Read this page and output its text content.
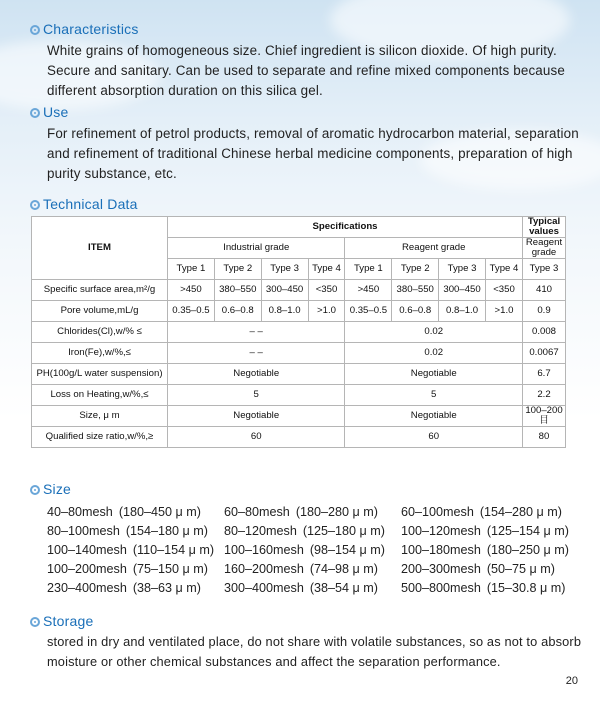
Characteristics
White grains of homogeneous size. Chief ingredient is silicon dioxide. Of high purity. Secure and sanitary. Can be used to separate and refine mixed components because different absorption duration on this silica gel.
Use
For refinement of petrol products, removal of aromatic hydrocarbon material, separation and refinement of traditional Chinese herbal medicine components, preparation of high purity substance, etc.
Technical Data
ITEM	Specifications								Typical values
	Industrial grade				Reagent grade				Reagent grade
	Type 1	Type 2	Type 3	Type 4	Type 1	Type 2	Type 3	Type 4	Type 3
Specific surface area,m²/g	>450	380–550	300–450	<350	>450	380–550	300–450	<350	410
Pore volume,mL/g	0.35–0.5	0.6–0.8	0.8–1.0	>1.0	0.35–0.5	0.6–0.8	0.8–1.0	>1.0	0.9
Chlorides(Cl),w/% ≤	– –				0.02				0.008
Iron(Fe),w/%,≤	– –				0.02				0.0067
PH(100g/L water suspension)	Negotiable				Negotiable				6.7
Loss on Heating,w/%,≤	5				5				2.2
Size, μ m	Negotiable				Negotiable				100–200目
Qualified size ratio,w/%,≥	60				60				80
Size
40–80mesh (180–450 μ m) 60–80mesh (180–280 μ m) 60–100mesh (154–280 μ m)
80–100mesh (154–180 μ m) 80–120mesh (125–180 μ m) 100–120mesh (125–154 μ m)
100–140mesh (110–154 μ m) 100–160mesh (98–154 μ m) 100–180mesh (180–250 μ m)
100–200mesh (75–150 μ m) 160–200mesh (74–98 μ m) 200–300mesh (50–75 μ m)
230–400mesh (38–63 μ m) 300–400mesh (38–54 μ m) 500–800mesh (15–30.8 μ m)
Storage
stored in dry and ventilated place, do not share with volatile substances, so as not to absorb moisture or other chemical substances and affect the separation performance.
20
